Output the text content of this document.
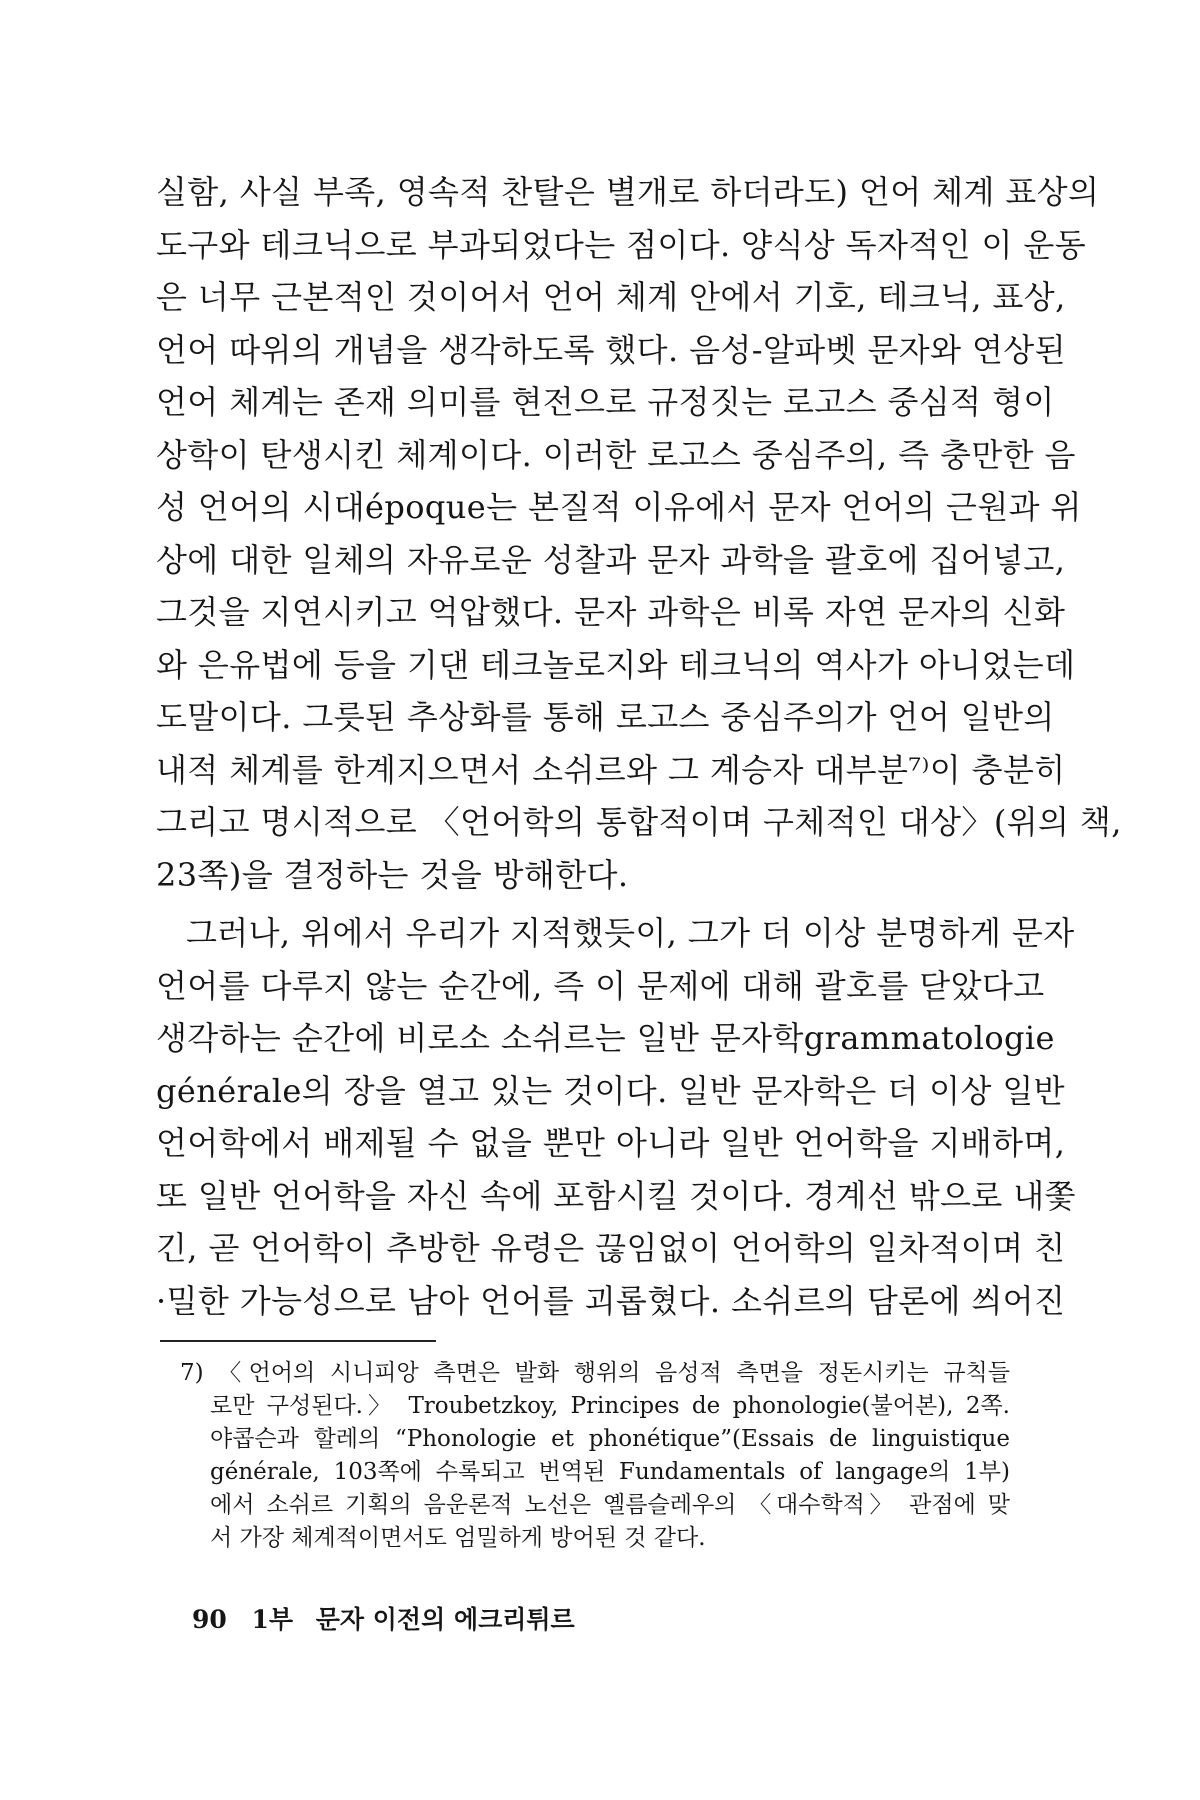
실함, 사실 부족, 영속적 찬탈은 별개로 하더라도) 언어 체계 표상의
도구와 테크닉으로 부과되었다는 점이다. 양식상 독자적인 이 운동
은 너무 근본적인 것이어서 언어 체계 안에서 기호, 테크닉, 표상,
언어 따위의 개념을 생각하도록 했다. 음성-알파벳 문자와 연상된
언어 체계는 존재 의미를 현전으로 규정짓는 로고스 중심적 형이
상학이 탄생시킨 체계이다. 이러한 로고스 중심주의, 즉 충만한 음
성 언어의 시대époque는 본질적 이유에서 문자 언어의 근원과 위
상에 대한 일체의 자유로운 성찰과 문자 과학을 괄호에 집어넣고,
그것을 지연시키고 억압했다. 문자 과학은 비록 자연 문자의 신화
와 은유법에 등을 기댄 테크놀로지와 테크닉의 역사가 아니었는데
도말이다. 그릇된 추상화를 통해 로고스 중심주의가 언어 일반의
내적 체계를 한계지으면서 소쉬르와 그 계승자 대부분⁷⁾이 충분히
그리고 명시적으로 〈언어학의 통합적이며 구체적인 대상〉(위의 책,
23쪽)을 결정하는 것을 방해한다.
그러나, 위에서 우리가 지적했듯이, 그가 더 이상 분명하게 문자
언어를 다루지 않는 순간에, 즉 이 문제에 대해 괄호를 닫았다고
생각하는 순간에 비로소 소쉬르는 일반 문자학grammatologie
générale의 장을 열고 있는 것이다. 일반 문자학은 더 이상 일반
언어학에서 배제될 수 없을 뿐만 아니라 일반 언어학을 지배하며,
또 일반 언어학을 자신 속에 포함시킬 것이다. 경계선 밖으로 내쫓
긴, 곧 언어학이 추방한 유령은 끊임없이 언어학의 일차적이며 친
·밀한 가능성으로 남아 언어를 괴롭혔다. 소쉬르의 담론에 씌어진
7) 〈언어의 시니피앙 측면은 발화 행위의 음성적 측면을 정돈시키는 규칙들
로만 구성된다.〉 Troubetzkoy, Principes de phonologie(불어본), 2쪽.
야콥슨과 할레의 “Phonologie et phonétique”(Essais de linguistique
générale, 103쪽에 수록되고 번역된 Fundamentals of langage의 1부)
에서 소쉬르 기획의 음운론적 노선은 옐름슬레우의 〈대수학적〉 관점에 맞
서 가장 체계적이면서도 엄밀하게 방어된 것 같다.
90 1부 문자 이전의 에크리튀르
